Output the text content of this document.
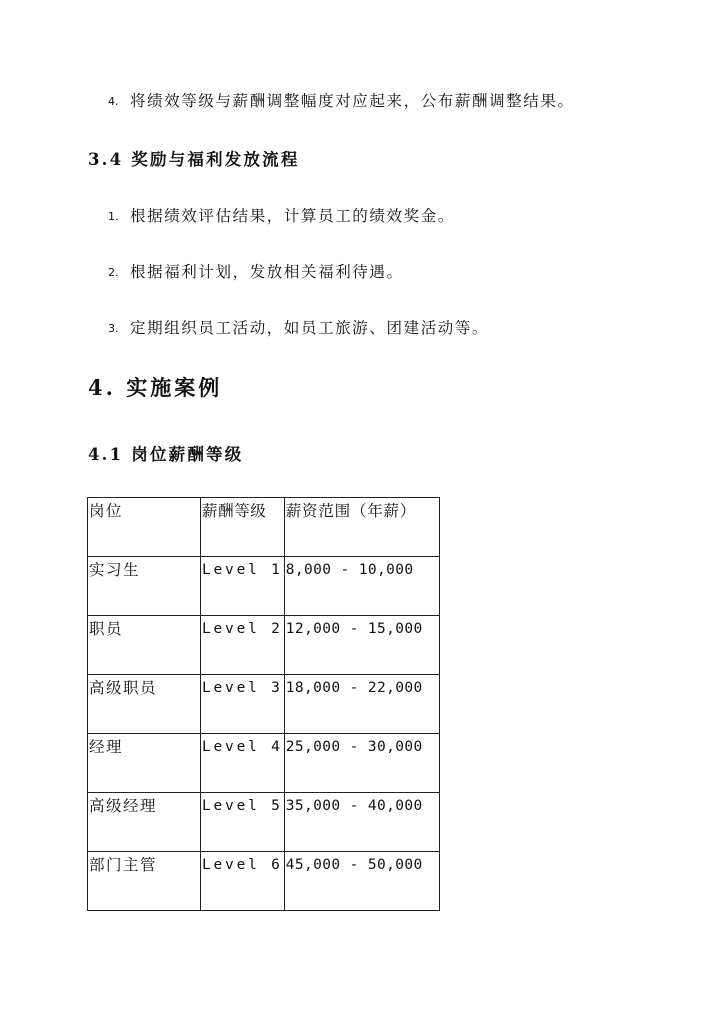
4. 将绩效等级与薪酬调整幅度对应起来，公布薪酬调整结果。
3.4 奖励与福利发放流程
1. 根据绩效评估结果，计算员工的绩效奖金。
2. 根据福利计划，发放相关福利待遇。
3. 定期组织员工活动，如员工旅游、团建活动等。
4. 实施案例
4.1 岗位薪酬等级
岗位	薪酬等级	薪资范围（年薪）
实习生	Level 1	8,000 - 10,000
职员	Level 2	12,000 - 15,000
高级职员	Level 3	18,000 - 22,000
经理	Level 4	25,000 - 30,000
高级经理	Level 5	35,000 - 40,000
部门主管	Level 6	45,000 - 50,000
